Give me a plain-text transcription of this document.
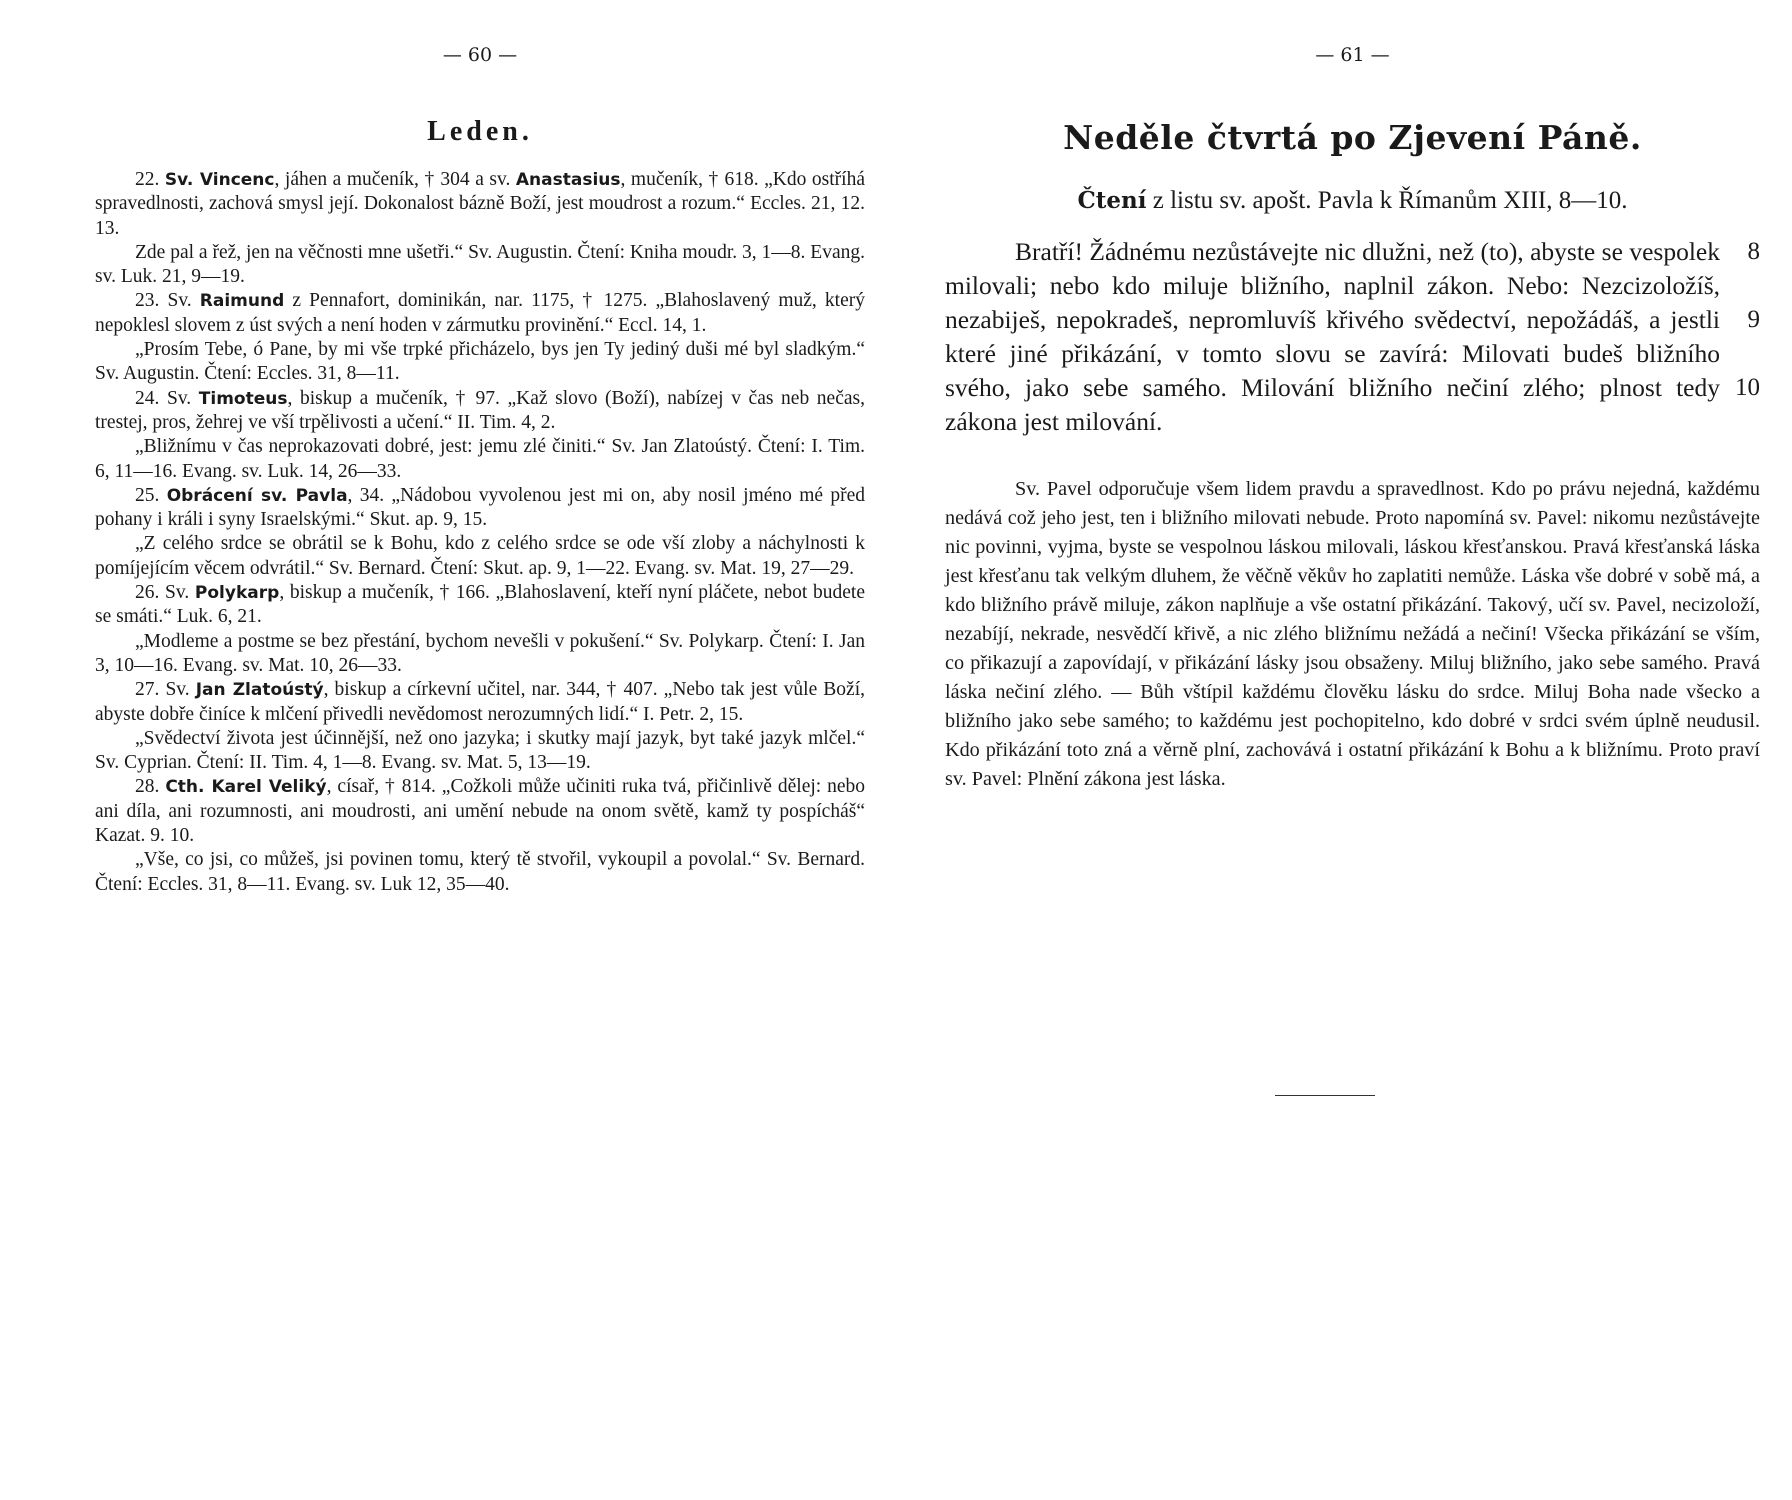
— 60 —
Leden.

22. Sv. Vincenc, jáhen a mučeník, † 304 a sv. Anastasius, mučeník, † 618. „Kdo ostříhá spravedlnosti, zachová smysl její. Dokonalost bázně Boží, jest moudrost a rozum.“ Eccles. 21, 12. 13.

Zde pal a řež, jen na věčnosti mne ušetři.“ Sv. Augustin. Čtení: Kniha moudr. 3, 1—8. Evang. sv. Luk. 21, 9—19.

23. Sv. Raimund z Pennafort, dominikán, nar. 1175, † 1275. „Blahoslavený muž, který nepoklesl slovem z úst svých a není hoden v zármutku provinění.“ Eccl. 14, 1.

„Prosím Tebe, ó Pane, by mi vše trpké přicházelo, bys jen Ty jediný duši mé byl sladkým.“ Sv. Augustin. Čtení: Eccles. 31, 8—11.

24. Sv. Timoteus, biskup a mučeník, † 97. „Kaž slovo (Boží), nabízej v čas neb nečas, trestej, pros, žehrej ve vší trpělivosti a učení.“ II. Tim. 4, 2.

„Bližnímu v čas neprokazovati dobré, jest: jemu zlé činiti.“ Sv. Jan Zlatoústý. Čtení: I. Tim. 6, 11—16. Evang. sv. Luk. 14, 26—33.

25. Obrácení sv. Pavla, 34. „Nádobou vyvolenou jest mi on, aby nosil jméno mé před pohany i králi i syny Israelskými.“ Skut. ap. 9, 15.

„Z celého srdce se obrátil se k Bohu, kdo z celého srdce se ode vší zloby a náchylnosti k pomíjejícím věcem odvrátil.“ Sv. Bernard. Čtení: Skut. ap. 9, 1—22. Evang. sv. Mat. 19, 27—29.

26. Sv. Polykarp, biskup a mučeník, † 166. „Blahoslavení, kteří nyní pláčete, nebot budete se smáti.“ Luk. 6, 21.

„Modleme a postme se bez přestání, bychom nevešli v pokušení.“ Sv. Polykarp. Čtení: I. Jan 3, 10—16. Evang. sv. Mat. 10, 26—33.

27. Sv. Jan Zlatoústý, biskup a církevní učitel, nar. 344, † 407. „Nebo tak jest vůle Boží, abyste dobře činíce k mlčení přivedli nevědomost nerozumných lidí.“ I. Petr. 2, 15.

„Svědectví života jest účinnější, než ono jazyka; i skutky mají jazyk, byt také jazyk mlčel.“ Sv. Cyprian. Čtení: II. Tim. 4, 1—8. Evang. sv. Mat. 5, 13—19.

28. Cth. Karel Veliký, císař, † 814. „Cožkoli může učiniti ruka tvá, přičinlivě dělej: nebo ani díla, ani rozumnosti, ani moudrosti, ani umění nebude na onom světě, kamž ty pospícháš“ Kazat. 9. 10.

„Vše, co jsi, co můžeš, jsi povinen tomu, který tě stvořil, vykoupil a povolal.“ Sv. Bernard. Čtení: Eccles. 31, 8—11. Evang. sv. Luk 12, 35—40.

— 61 —
Neděle čtvrtá po Zjevení Páně.
Čtení z listu sv. apošt. Pavla k Římanům XIII, 8—10.

Bratří! Žádnému nezůstávejte nic dlužni, než (to), abyste se vespolek milovali; nebo kdo miluje bližního, naplnil zákon. Nebo: Nezcizoložíš, nezabiješ, nepokradeš, nepromluvíš křivého svědectví, nepožádáš, a jestli které jiné přikázání, v tomto slovu se zavírá: Milovati budeš bližního svého, jako sebe samého. Milování bližního nečiní zlého; plnost tedy zákona jest milování.

8
9
10

Sv. Pavel odporučuje všem lidem pravdu a spravedlnost. Kdo po právu nejedná, každému nedává což jeho jest, ten i bližního milovati nebude. Proto napomíná sv. Pavel: nikomu nezůstávejte nic povinni, vyjma, byste se vespolnou láskou milovali, láskou křesťanskou. Pravá křesťanská láska jest křesťanu tak velkým dluhem, že věčně věkův ho zaplatiti nemůže. Láska vše dobré v sobě má, a kdo bližního právě miluje, zákon naplňuje a vše ostatní přikázání. Takový, učí sv. Pavel, necizoloží, nezabíjí, nekrade, nesvědčí křivě, a nic zlého bližnímu nežádá a nečiní! Všecka přikázání se vším, co přikazují a zapovídají, v přikázání lásky jsou obsaženy. Miluj bližního, jako sebe samého. Pravá láska nečiní zlého. — Bůh vštípil každému člověku lásku do srdce. Miluj Boha nade všecko a bližního jako sebe samého; to každému jest pochopitelno, kdo dobré v srdci svém úplně neudusil. Kdo přikázání toto zná a věrně plní, zachovává i ostatní přikázání k Bohu a k bližnímu. Proto praví sv. Pavel: Plnění zákona jest láska.
